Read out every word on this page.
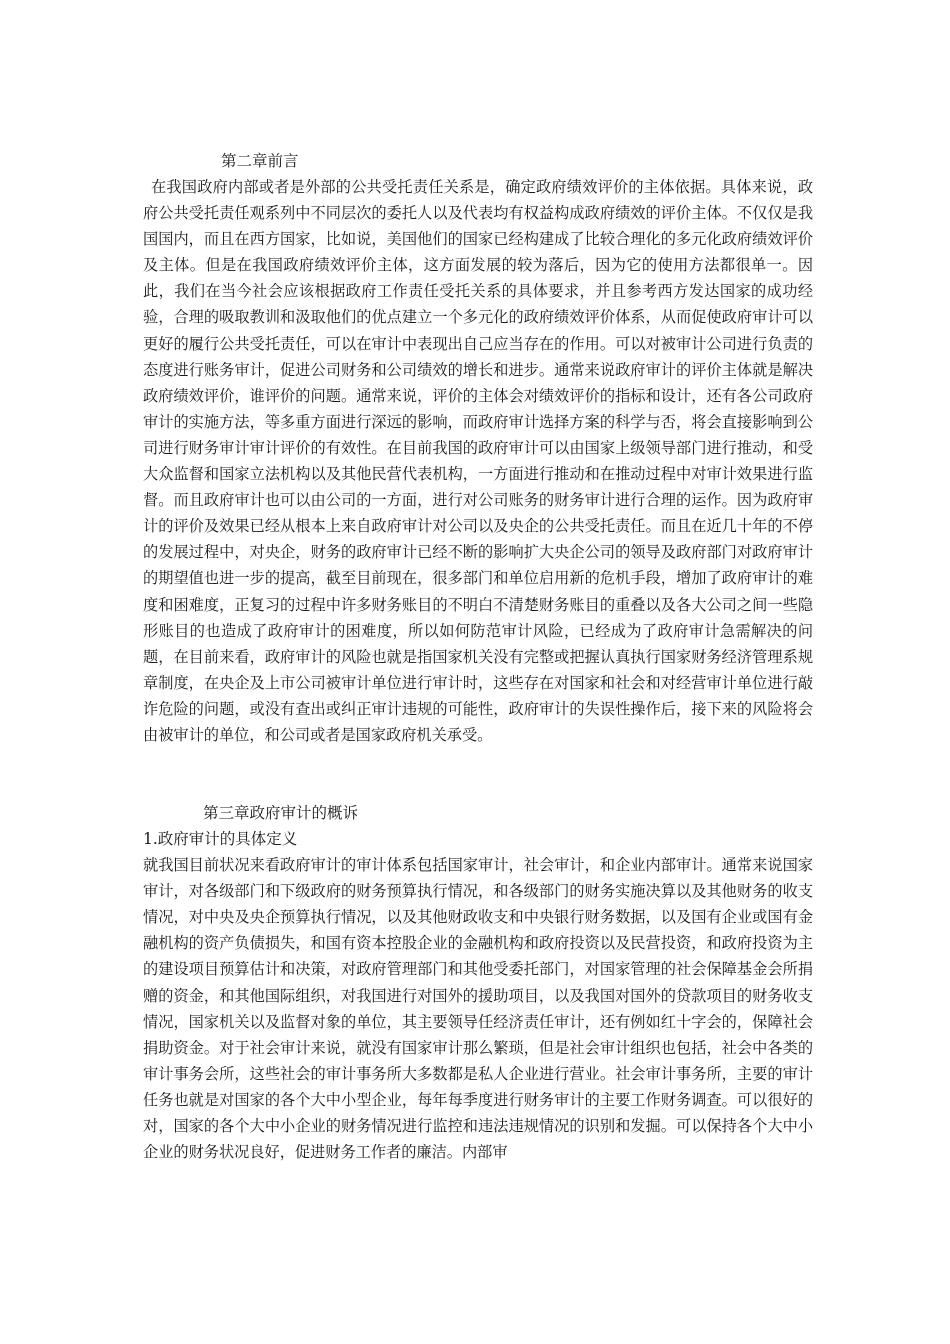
第二章前言

在我国政府内部或者是外部的公共受托责任关系是，确定政府绩效评价的主体依据。具体来说，政府公共受托责任观系列中不同层次的委托人以及代表均有权益构成政府绩效的评价主体。不仅仅是我国国内，而且在西方国家，比如说，美国他们的国家已经构建成了比较合理化的多元化政府绩效评价及主体。但是在我国政府绩效评价主体，这方面发展的较为落后，因为它的使用方法都很单一。因此，我们在当今社会应该根据政府工作责任受托关系的具体要求，并且参考西方发达国家的成功经验，合理的吸取教训和汲取他们的优点建立一个多元化的政府绩效评价体系，从而促使政府审计可以更好的履行公共受托责任，可以在审计中表现出自己应当存在的作用。可以对被审计公司进行负责的态度进行账务审计，促进公司财务和公司绩效的增长和进步。通常来说政府审计的评价主体就是解决政府绩效评价，谁评价的问题。通常来说，评价的主体会对绩效评价的指标和设计，还有各公司政府审计的实施方法，等多重方面进行深远的影响，而政府审计选择方案的科学与否，将会直接影响到公司进行财务审计审计评价的有效性。在目前我国的政府审计可以由国家上级领导部门进行推动，和受大众监督和国家立法机构以及其他民营代表机构，一方面进行推动和在推动过程中对审计效果进行监督。而且政府审计也可以由公司的一方面，进行对公司账务的财务审计进行合理的运作。因为政府审计的评价及效果已经从根本上来自政府审计对公司以及央企的公共受托责任。而且在近几十年的不停的发展过程中，对央企，财务的政府审计已经不断的影响扩大央企公司的领导及政府部门对政府审计的期望值也进一步的提高，截至目前现在，很多部门和单位启用新的危机手段，增加了政府审计的难度和困难度，正复习的过程中许多财务账目的不明白不清楚财务账目的重叠以及各大公司之间一些隐形账目的也造成了政府审计的困难度，所以如何防范审计风险，已经成为了政府审计急需解决的问题，在目前来看，政府审计的风险也就是指国家机关没有完整或把握认真执行国家财务经济管理系规章制度，在央企及上市公司被审计单位进行审计时，这些存在对国家和社会和对经营审计单位进行敲诈危险的问题，或没有查出或纠正审计违规的可能性，政府审计的失误性操作后，接下来的风险将会由被审计的单位，和公司或者是国家政府机关承受。

第三章政府审计的概诉
1.政府审计的具体定义

就我国目前状况来看政府审计的审计体系包括国家审计，社会审计，和企业内部审计。通常来说国家审计，对各级部门和下级政府的财务预算执行情况，和各级部门的财务实施决算以及其他财务的收支情况，对中央及央企预算执行情况，以及其他财政收支和中央银行财务数据，以及国有企业或国有金融机构的资产负债损失，和国有资本控股企业的金融机构和政府投资以及民营投资，和政府投资为主的建设项目预算估计和决策，对政府管理部门和其他受委托部门，对国家管理的社会保障基金会所捐赠的资金，和其他国际组织，对我国进行对国外的援助项目，以及我国对国外的贷款项目的财务收支情况，国家机关以及监督对象的单位，其主要领导任经济责任审计，还有例如红十字会的，保障社会捐助资金。对于社会审计来说，就没有国家审计那么繁琐，但是社会审计组织也包括，社会中各类的审计事务会所，这些社会的审计事务所大多数都是私人企业进行营业。社会审计事务所，主要的审计任务也就是对国家的各个大中小型企业，每年每季度进行财务审计的主要工作财务调查。可以很好的对，国家的各个大中小企业的财务情况进行监控和违法违规情况的识别和发掘。可以保持各个大中小企业的财务状况良好，促进财务工作者的廉洁。内部审
